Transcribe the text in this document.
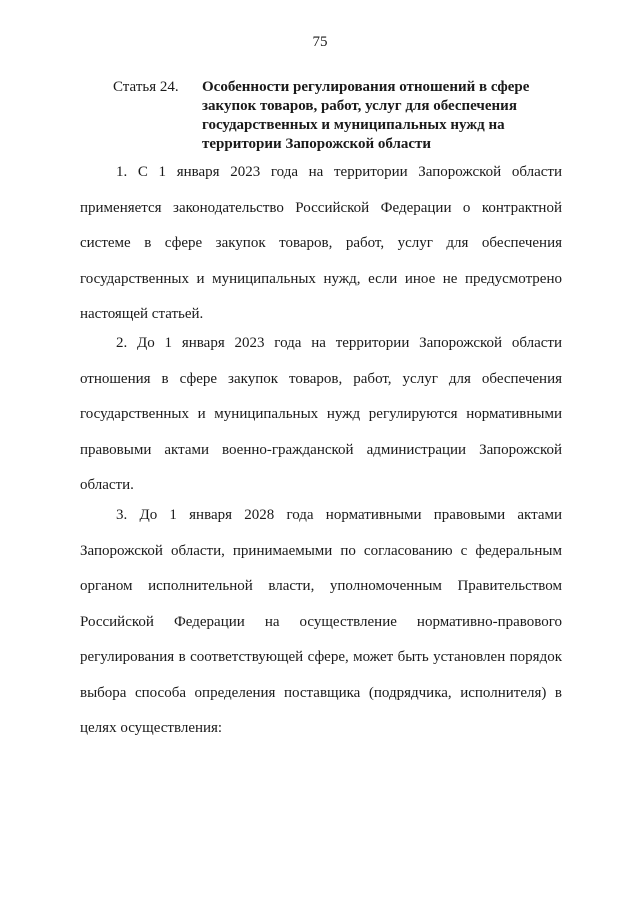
75
Статья 24.	Особенности регулирования отношений в сфере закупок товаров, работ, услуг для обеспечения государственных и муниципальных нужд на территории Запорожской области

1. С 1 января 2023 года на территории Запорожской области применяется законодательство Российской Федерации о контрактной системе в сфере закупок товаров, работ, услуг для обеспечения государственных и муниципальных нужд, если иное не предусмотрено настоящей статьей.

2. До 1 января 2023 года на территории Запорожской области отношения в сфере закупок товаров, работ, услуг для обеспечения государственных и муниципальных нужд регулируются нормативными правовыми актами военно-гражданской администрации Запорожской области.

3. До 1 января 2028 года нормативными правовыми актами Запорожской области, принимаемыми по согласованию с федеральным органом исполнительной власти, уполномоченным Правительством Российской Федерации на осуществление нормативно-правового регулирования в соответствующей сфере, может быть установлен порядок выбора способа определения поставщика (подрядчика, исполнителя) в целях осуществления:
